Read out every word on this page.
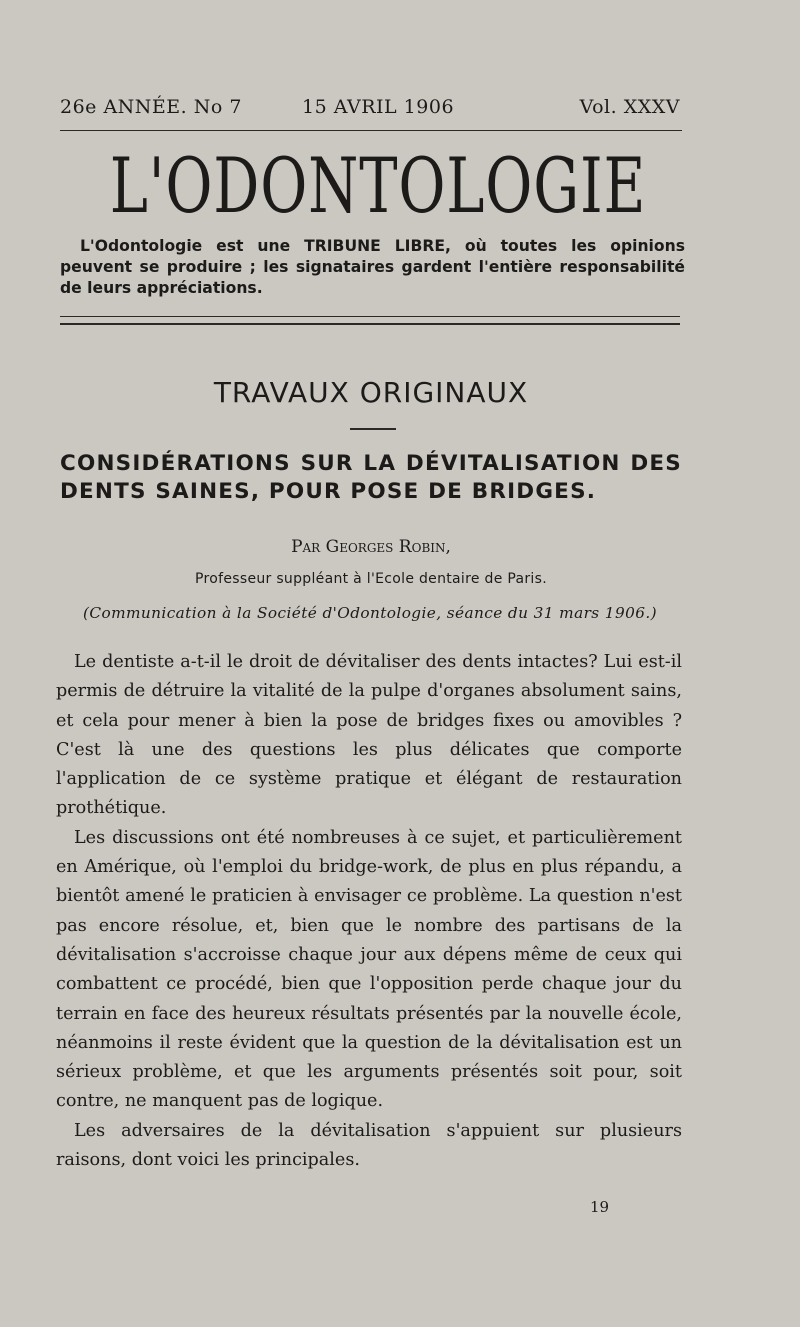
26e ANNÉE. No 7	15 AVRIL 1906	Vol. XXXV
L'ODONTOLOGIE
L'Odontologie est une TRIBUNE LIBRE, où toutes les opinions peuvent se produire ; les signataires gardent l'entière responsabilité de leurs appréciations.
TRAVAUX ORIGINAUX
CONSIDÉRATIONS SUR LA DÉVITALISATION DES DENTS SAINES, POUR POSE DE BRIDGES.
Par Georges Robin,
Professeur suppléant à l'Ecole dentaire de Paris.
(Communication à la Société d'Odontologie, séance du 31 mars 1906.)

Le dentiste a-t-il le droit de dévitaliser des dents intactes? Lui est-il permis de détruire la vitalité de la pulpe d'organes absolument sains, et cela pour mener à bien la pose de bridges fixes ou amovibles ? C'est là une des questions les plus délicates que comporte l'application de ce système pratique et élégant de restauration prothétique.

Les discussions ont été nombreuses à ce sujet, et particulièrement en Amérique, où l'emploi du bridge-work, de plus en plus répandu, a bientôt amené le praticien à envisager ce problème. La question n'est pas encore résolue, et, bien que le nombre des partisans de la dévitalisation s'accroisse chaque jour aux dépens même de ceux qui combattent ce procédé, bien que l'opposition perde chaque jour du terrain en face des heureux résultats présentés par la nouvelle école, néanmoins il reste évident que la question de la dévitalisation est un sérieux problème, et que les arguments présentés soit pour, soit contre, ne manquent pas de logique.

Les adversaires de la dévitalisation s'appuient sur plusieurs raisons, dont voici les principales.

19
